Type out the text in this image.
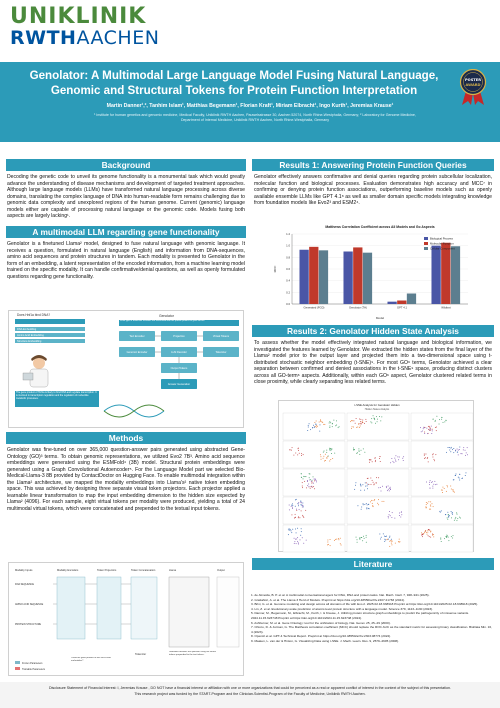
UNIKLINIK
RWTHAACHEN
Genolator: A Multimodal Large Language Model Fusing Natural Language, Genomic and Structural Tokens for Protein Function Interpretation
Martin Danner¹,², Tanhim Islam¹, Matthias Begemann¹, Florian Kraft¹, Miriam Elbracht¹, Ingo Kurth¹, Jeremias Krause¹
¹ Institute for human genetics and genomic medicine, Medical Faculty, Uniklinik RWTH Aachen, Pauwelsstrasse 30, Aachen 52074, North Rhine-Westphalia, Germany; ² Laboratory for Genome Medicine, Department of Internal Medicine, Uniklinik RWTH Aachen, North Rhine-Westphalia, Germany
POSTER
AWARD
Background
Decoding the genetic code to unveil its genome functionality is a monumental task which would greatly advance the understanding of disease mechanisms and development of targeted treatment approaches. Although large language models (LLMs) have transformed natural language processing across diverse domains, translating the complex language of DNA into human-readable form remains challenging due to genomic data complexity and unexplored regions of the human genome. Current (genomic) language models either are capable of processing natural language or the genomic code. Models fusing both aspects are largely lacking¹.
A multimodal LLM regarding gene functionality
Genolator is a finetuned Llama² model, designed to fuse natural language with genomic language. It receives a question, formulated in natural language (English) and information from DNA-sequences, amino acid sequences and protein structures in tandem. Each modality is presented to Genolator in the form of an embedding, a latent representation of the encoded information, from a machine learning model trained on the specific modality. It can handle confirmative/denial questions, as well as openly formulated questions regarding gene functionality.
Does Hnf1a bind DNA?
DNA Embedding
Amino Acid Embedding
Structure Embedding
The gene product of Hnf1a is likely to bind DNA and regulate transcription. It is involved in transcription regulation and the regulation of nucleotide metabolic processes.
Genolator
What type of molecular activities are associated with the protein product of gene Hnf1a?
Text Encoder
Genomic Encoder
Projection
LLM Decoder
Virtual Tokens
Tokenizer
Output Tokens
Answer Generation
Methods
Genolator was fine-tuned on over 365,000 question-answer pairs generated using abstracted Gene-Ontology (GO)³ terms. To obtain genomic representations, we utilized Evo2 7B³. Amino acid sequence embeddings were generated using the ESMFold⁴ (3B) model. Structural protein embeddings were generated using a Graph Convolutional Autoencoder⁵. For the Language Model part we selected Bio-Medical-Llama-3 8B provided by ContactDoctor on Hugging Face. To enable multimodal integration within the Llama² architecture, we mapped the modality embeddings into Llama's² native token embedding space. This was achieved by designing three separate visual token projectors. Each projector applied a learnable linear transformation to map the input embedding dimension to the hidden size expected by Llama² (4096). For each sample, eight virtual tokens per modality were produced, yielding a total of 24 multimodal virtual tokens, which were concatenated and prepended to the textual input tokens.
Modality Inputs	Modality Encoders	Token Projectors	Token Concatenation	Llama	Output
DNA SEQUENCE
AMINO ACID SEQUENCE
PROTEIN STRUCTURE
Tokenizer
Could the gene product of this locus bind nucleotides?
Genolator answers the question using the virtual tokens prepended to the text tokens.
Frozen Parameters
Trainable Parameters
Results 1: Answering Protein Function Queries
Genolator effectively answers confirmative and denial queries regarding protein subcellular localization, molecular function and biological processes. Evaluation demonstrates high accuracy and MCC⁷ in confirming or denying protein function associations, outperforming baseline models such as openly available ensemble LLMs like GPT 4.1⁸ as well as smaller domain specific models integrating knowledge from foundation models like Evo2³ and ESM2⁴.
Matthews Correlation Coefficient across All Models and Go Aspects
0.0
0.2
0.4
0.6
0.8
1.0
1.2
MCC
Model
Generated (FGD)	Genolator (TH)	GPT 4.1	Wildtext
Biological Process
Molecular Function
Cellular Component
Results 2: Genolator Hidden State Analysis
To assess whether the model effectively integrated natural language and biological information, we investigated the features learned by Genolator. We extracted the hidden states from the final layer of the Llama² model prior to the output layer and projected them into a two-dimensional space using t-distributed stochastic neighbor embedding (t-SNE)⁹. For most GO⁶ terms, Genolator achieved a clear separation between confirmed and denied associations in the t-SNE⁹ space, producing distinct clusters across all GO-term⁶ aspects. Additionally, within each GO⁶ aspect, Genolator clustered related terms in close proximity, while clearly separating less related terms.
t-SNE Analysis for Genolator Hidden
Hidden States Analysis
Literature
1. de Almeida, B. P. et al. A multimodal conversational agent for DNA, RNA and protein tasks. Nat. Mach. Intell. 7, 928–941 (2025).
2. Grattafiori, A. et al. The Llama 3 Herd of Models. Preprint at https://doi.org/10.48550/arXiv.2407.21783 (2024).
3. Brixi, G. et al. Genome modeling and design across all domains of life with Evo 2. 2025.02.18.638918 Preprint at https://doi.org/10.1101/2025.02.18.638918 (2025).
4. Lin, Z. et al. Evolutionary-scale prediction of atomic-level protein structure with a language model. Science 379, 1123–1130 (2023).
5. Danner, M., Begemann, M., Elbracht, M., Kurth, I. & Krause, J. Utilizing protein structure graph embeddings to predict the pathogenicity of missense variants. 2024.11.15.623748 Preprint at https://doi.org/10.1101/2024.11.15.623748 (2024).
6. Ashburner, M. et al. Gene Ontology: tool for the unification of biology. Nat. Genet. 25, 25–29 (2000).
7. Chicco, D. & Jurman, G. The Matthews correlation coefficient (MCC) should replace the ROC AUC as the standard metric for assessing binary classification. BioData Min. 16, 4 (2023).
8. OpenAI et al. GPT-4 Technical Report. Preprint at https://doi.org/10.48550/arXiv.2303.08774 (2024).
9. Maaten, L. van der & Hinton, G. Visualizing Data using t-SNE. J. Mach. Learn. Res. 9, 2579–2605 (2008).
Disclosure Statement of Financial Interest: I, Jeremias Krause , DO NOT have a financial interest or affiliation with one or more organizations that could be perceived as a real or apparent conflict of interest in the context of the subject of this presentation.
This research project was funded by the START-Program and the Clinician-Scientist-Program of the Faculty of Medicine, Uniklinik RWTH Aachen.
